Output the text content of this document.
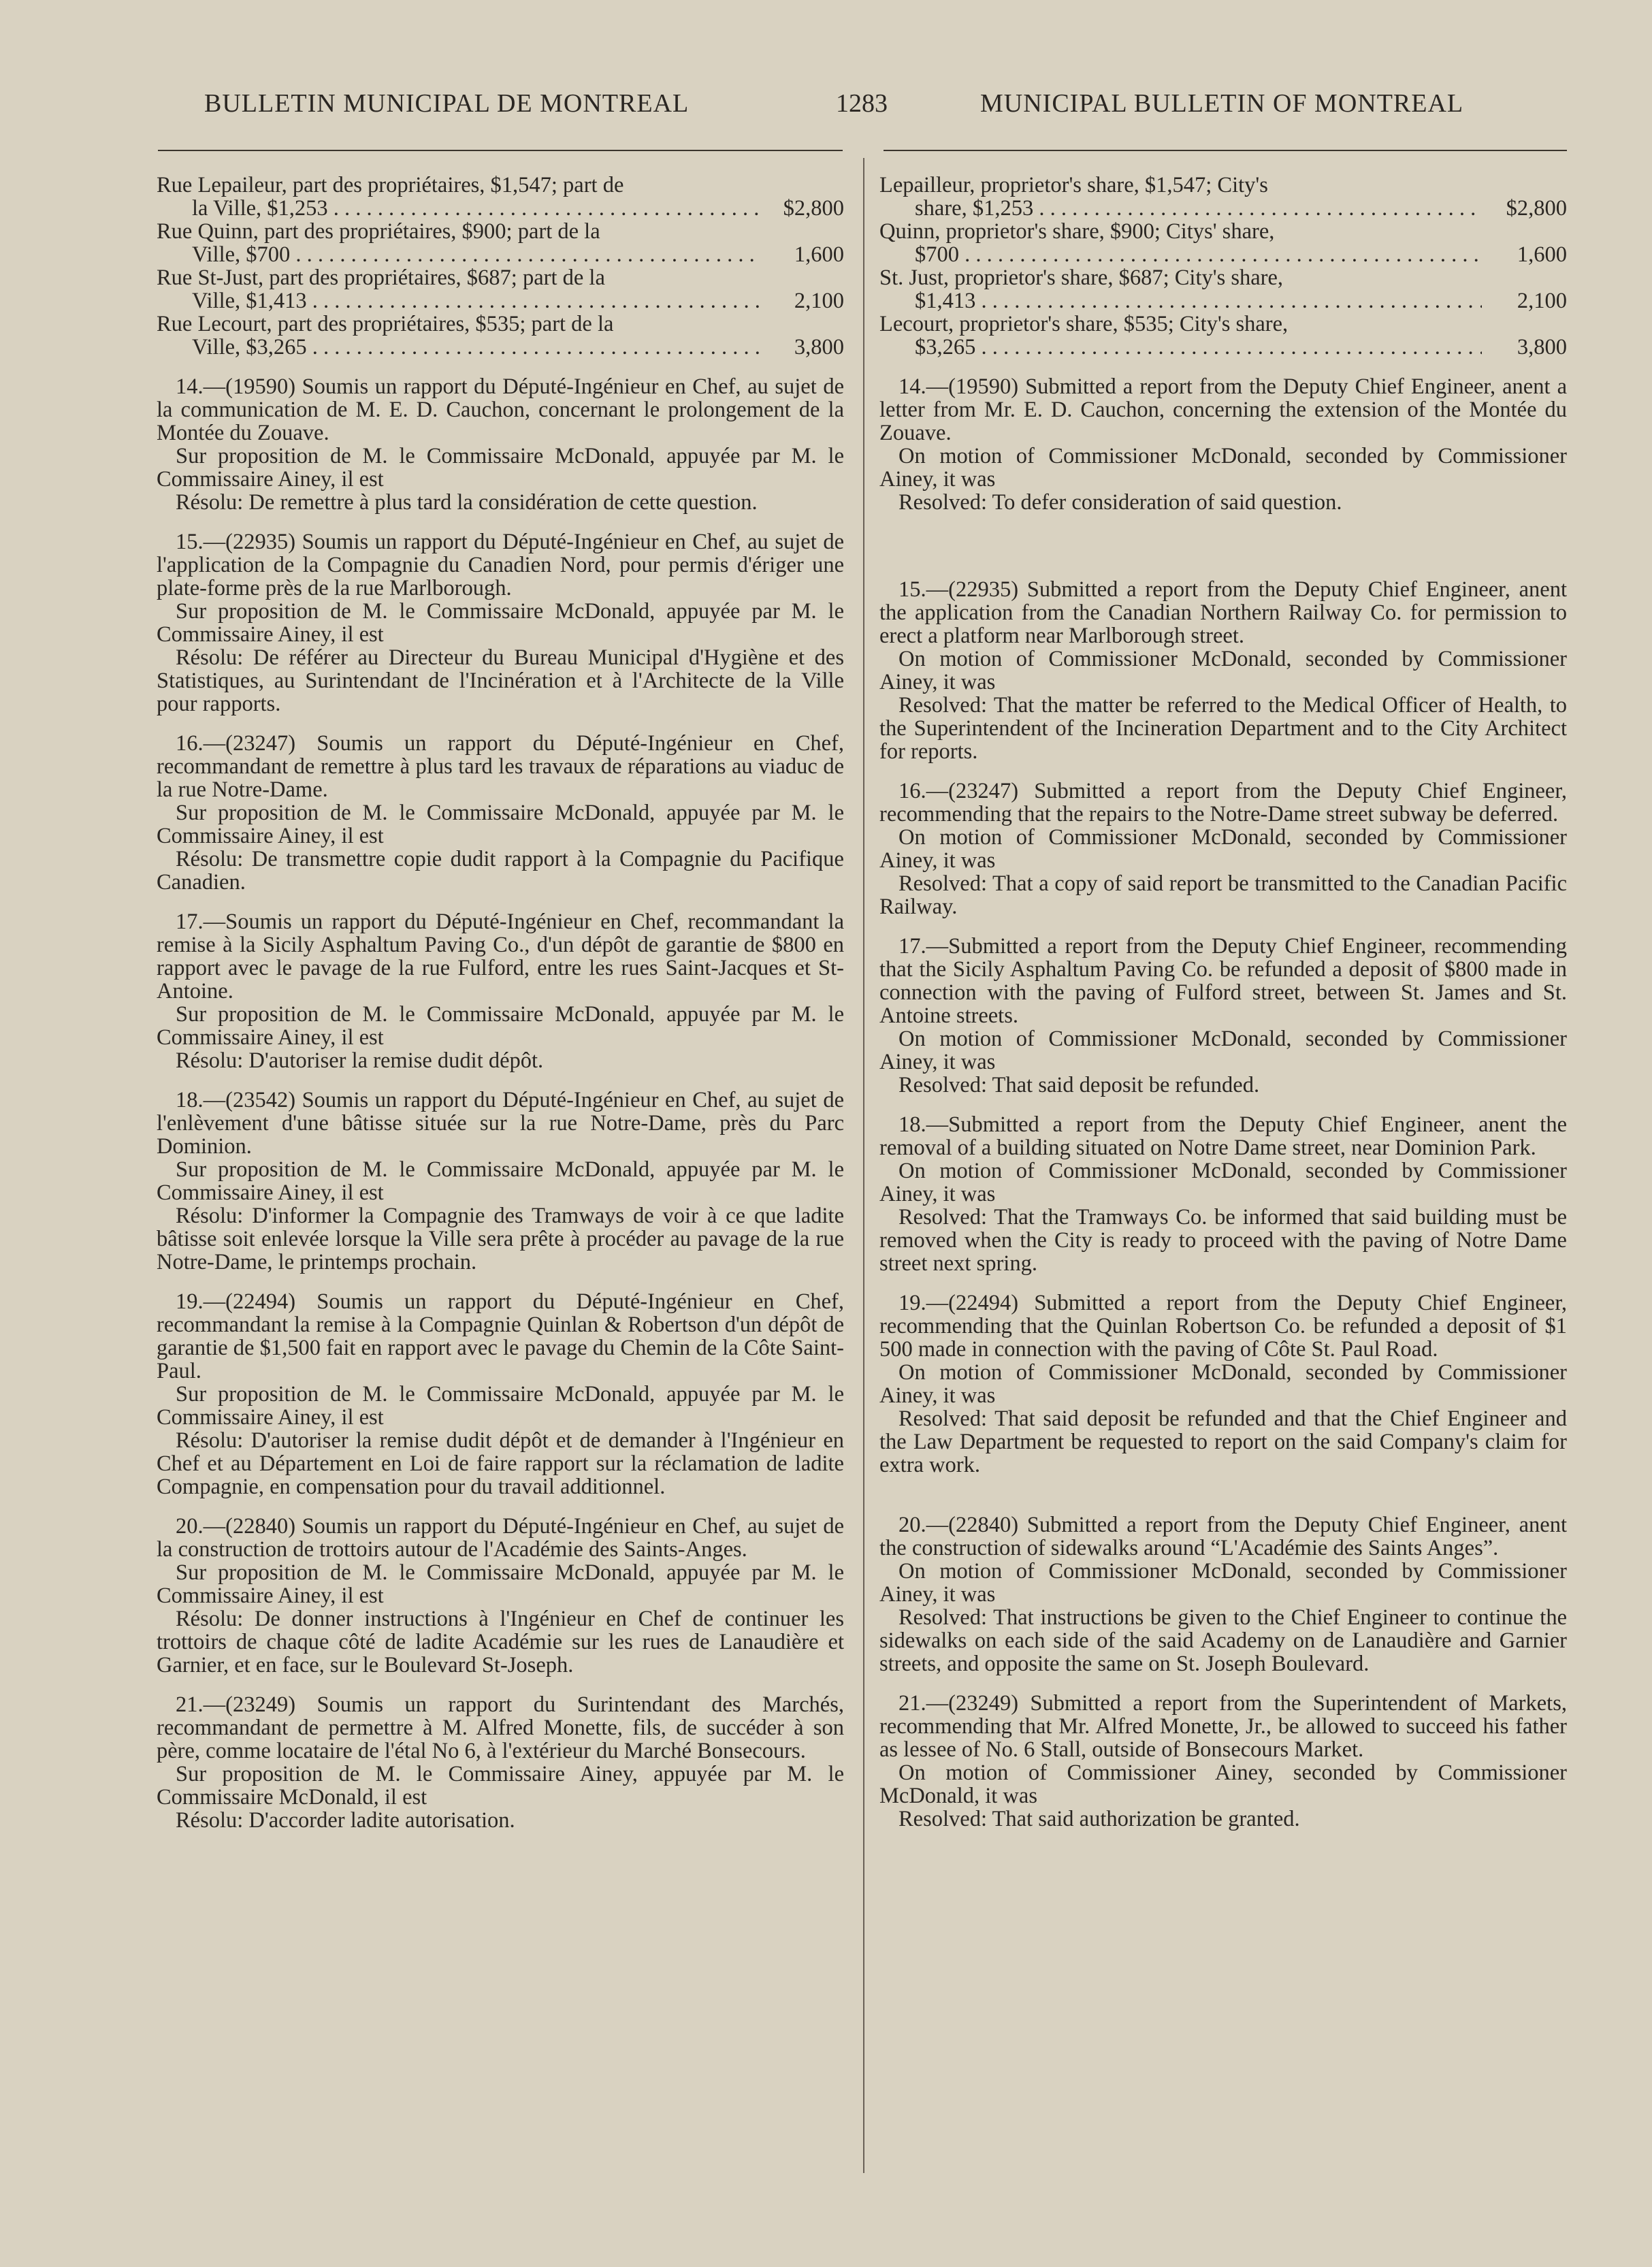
BULLETIN MUNICIPAL DE MONTREAL	1283	MUNICIPAL BULLETIN OF MONTREAL

Rue Lepaileur, part des propriétaires, $1,547; part de

la Ville, $1,253 . . .	$2,800

Rue Quinn, part des propriétaires, $900; part de la

Ville, $700 . . .	1,600

Rue St-Just, part des propriétaires, $687; part de la

Ville, $1,413 . . .	2,100

Rue Lecourt, part des propriétaires, $535; part de la

Ville, $3,265 . . .	3,800

14.—(19590) Soumis un rapport du Député-Ingénieur en Chef, au sujet de la communication de M. E. D. Cauchon, concernant le prolongement de la Montée du Zouave.

Sur proposition de M. le Commissaire McDonald, appuyée par M. le Commissaire Ainey, il est

Résolu: De remettre à plus tard la considération de cette question.

15.—(22935) Soumis un rapport du Député-Ingénieur en Chef, au sujet de l'application de la Compagnie du Canadien Nord, pour permis d'ériger une plate-forme près de la rue Marlborough.

Sur proposition de M. le Commissaire McDonald, appuyée par M. le Commissaire Ainey, il est

Résolu: De référer au Directeur du Bureau Municipal d'Hygiène et des Statistiques, au Surintendant de l'Incinération et à l'Architecte de la Ville pour rapports.

16.—(23247) Soumis un rapport du Député-Ingénieur en Chef, recommandant de remettre à plus tard les travaux de réparations au viaduc de la rue Notre-Dame.

Sur proposition de M. le Commissaire McDonald, appuyée par M. le Commissaire Ainey, il est

Résolu: De transmettre copie dudit rapport à la Compagnie du Pacifique Canadien.

17.—Soumis un rapport du Député-Ingénieur en Chef, recommandant la remise à la Sicily Asphaltum Paving Co., d'un dépôt de garantie de $800 en rapport avec le pavage de la rue Fulford, entre les rues Saint-Jacques et St-Antoine.

Sur proposition de M. le Commissaire McDonald, appuyée par M. le Commissaire Ainey, il est

Résolu: D'autoriser la remise dudit dépôt.

18.—(23542) Soumis un rapport du Député-Ingénieur en Chef, au sujet de l'enlèvement d'une bâtisse située sur la rue Notre-Dame, près du Parc Dominion.

Sur proposition de M. le Commissaire McDonald, appuyée par M. le Commissaire Ainey, il est

Résolu: D'informer la Compagnie des Tramways de voir à ce que ladite bâtisse soit enlevée lorsque la Ville sera prête à procéder au pavage de la rue Notre-Dame, le printemps prochain.

19.—(22494) Soumis un rapport du Député-Ingénieur en Chef, recommandant la remise à la Compagnie Quinlan & Robertson d'un dépôt de garantie de $1,500 fait en rapport avec le pavage du Chemin de la Côte Saint-Paul.

Sur proposition de M. le Commissaire McDonald, appuyée par M. le Commissaire Ainey, il est

Résolu: D'autoriser la remise dudit dépôt et de demander à l'Ingénieur en Chef et au Département en Loi de faire rapport sur la réclamation de ladite Compagnie, en compensation pour du travail additionnel.

20.—(22840) Soumis un rapport du Député-Ingénieur en Chef, au sujet de la construction de trottoirs autour de l'Académie des Saints-Anges.

Sur proposition de M. le Commissaire McDonald, appuyée par M. le Commissaire Ainey, il est

Résolu: De donner instructions à l'Ingénieur en Chef de continuer les trottoirs de chaque côté de ladite Académie sur les rues de Lanaudière et Garnier, et en face, sur le Boulevard St-Joseph.

21.—(23249) Soumis un rapport du Surintendant des Marchés, recommandant de permettre à M. Alfred Monette, fils, de succéder à son père, comme locataire de l'étal No 6, à l'extérieur du Marché Bonsecours.

Sur proposition de M. le Commissaire Ainey, appuyée par M. le Commissaire McDonald, il est

Résolu: D'accorder ladite autorisation.

Lepailleur, proprietor's share, $1,547; City's

share, $1,253 . . .	$2,800

Quinn, proprietor's share, $900; Citys' share,

$700 . . .	1,600

St. Just, proprietor's share, $687; City's share,

$1,413 . . .	2,100

Lecourt, proprietor's share, $535; City's share,

$3,265 . . .	3,800

14.—(19590) Submitted a report from the Deputy Chief Engineer, anent a letter from Mr. E. D. Cauchon, concerning the extension of the Montée du Zouave.

On motion of Commissioner McDonald, seconded by Commissioner Ainey, it was

Resolved: To defer consideration of said question.

15.—(22935) Submitted a report from the Deputy Chief Engineer, anent the application from the Canadian Northern Railway Co. for permission to erect a platform near Marlborough street.

On motion of Commissioner McDonald, seconded by Commissioner Ainey, it was

Resolved: That the matter be referred to the Medical Officer of Health, to the Superintendent of the Incineration Department and to the City Architect for reports.

16.—(23247) Submitted a report from the Deputy Chief Engineer, recommending that the repairs to the Notre-Dame street subway be deferred.

On motion of Commissioner McDonald, seconded by Commissioner Ainey, it was

Resolved: That a copy of said report be transmitted to the Canadian Pacific Railway.

17.—Submitted a report from the Deputy Chief Engineer, recommending that the Sicily Asphaltum Paving Co. be refunded a deposit of $800 made in connection with the paving of Fulford street, between St. James and St. Antoine streets.

On motion of Commissioner McDonald, seconded by Commissioner Ainey, it was

Resolved: That said deposit be refunded.

18.—Submitted a report from the Deputy Chief Engineer, anent the removal of a building situated on Notre Dame street, near Dominion Park.

On motion of Commissioner McDonald, seconded by Commissioner Ainey, it was

Resolved: That the Tramways Co. be informed that said building must be removed when the City is ready to proceed with the paving of Notre Dame street next spring.

19.—(22494) Submitted a report from the Deputy Chief Engineer, recommending that the Quinlan Robertson Co. be refunded a deposit of $1 500 made in connection with the paving of Côte St. Paul Road.

On motion of Commissioner McDonald, seconded by Commissioner Ainey, it was

Resolved: That said deposit be refunded and that the Chief Engineer and the Law Department be requested to report on the said Company's claim for extra work.

20.—(22840) Submitted a report from the Deputy Chief Engineer, anent the construction of sidewalks around “L'Académie des Saints Anges”.

On motion of Commissioner McDonald, seconded by Commissioner Ainey, it was

Resolved: That instructions be given to the Chief Engineer to continue the sidewalks on each side of the said Academy on de Lanaudière and Garnier streets, and opposite the same on St. Joseph Boulevard.

21.—(23249) Submitted a report from the Superintendent of Markets, recommending that Mr. Alfred Monette, Jr., be allowed to succeed his father as lessee of No. 6 Stall, outside of Bonsecours Market.

On motion of Commissioner Ainey, seconded by Commissioner McDonald, it was

Resolved: That said authorization be granted.
